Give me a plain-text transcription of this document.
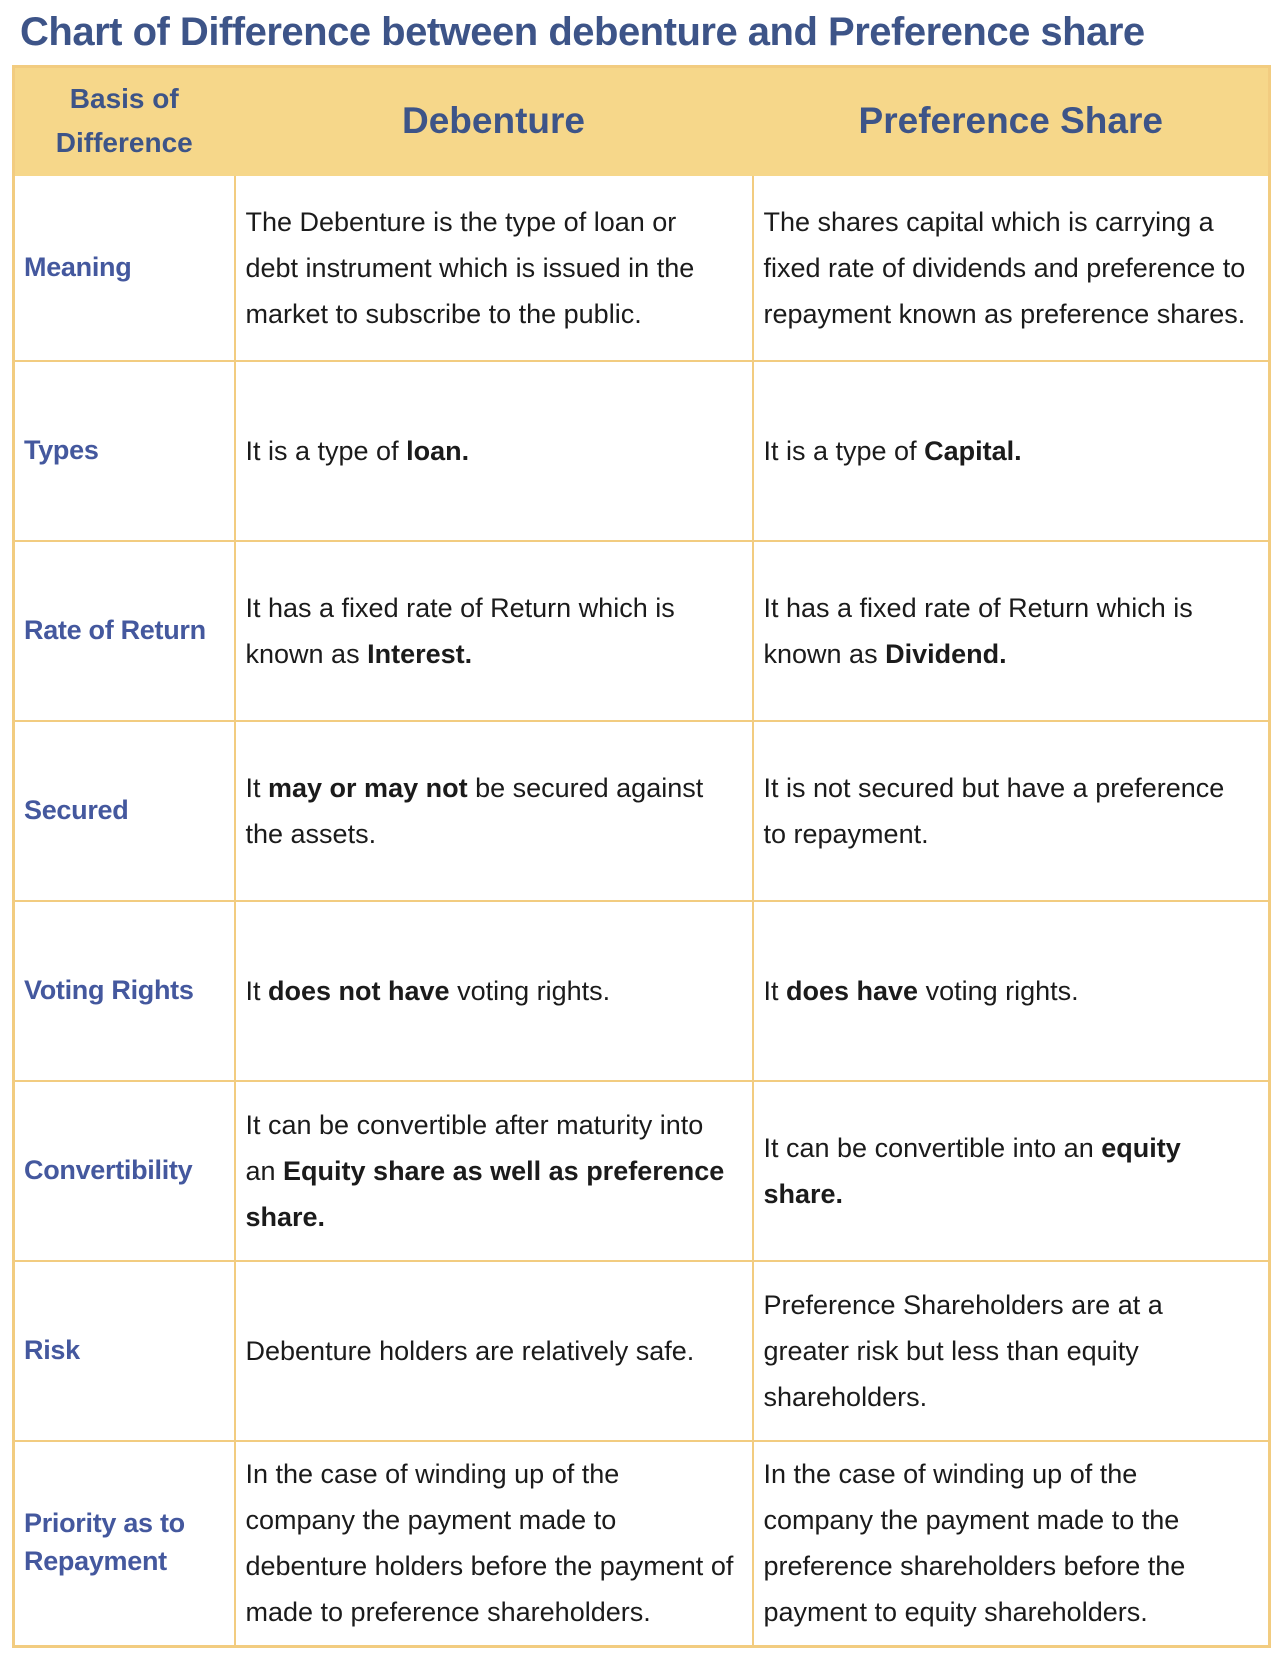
Chart of Difference between debenture and Preference share
Basis of Difference	Debenture	Preference Share
Meaning	The Debenture is the type of loan or debt instrument which is issued in the market to subscribe to the public.	The shares capital which is carrying a fixed rate of dividends and preference to repayment known as preference shares.
Types	It is a type of loan.	It is a type of Capital.
Rate of Return	It has a fixed rate of Return which is known as Interest.	It has a fixed rate of Return which is known as Dividend.
Secured	It may or may not be secured against the assets.	It is not secured but have a preference to repayment.
Voting Rights	It does not have voting rights.	It does have voting rights.
Convertibility	It can be convertible after maturity into an Equity share as well as preference share.	It can be convertible into an equity share.
Risk	Debenture holders are relatively safe.	Preference Shareholders are at a greater risk but less than equity shareholders.
Priority as to Repayment	In the case of winding up of the company the payment made to debenture holders before the payment of made to preference shareholders.	In the case of winding up of the company the payment made to the preference shareholders before the payment to equity shareholders.
